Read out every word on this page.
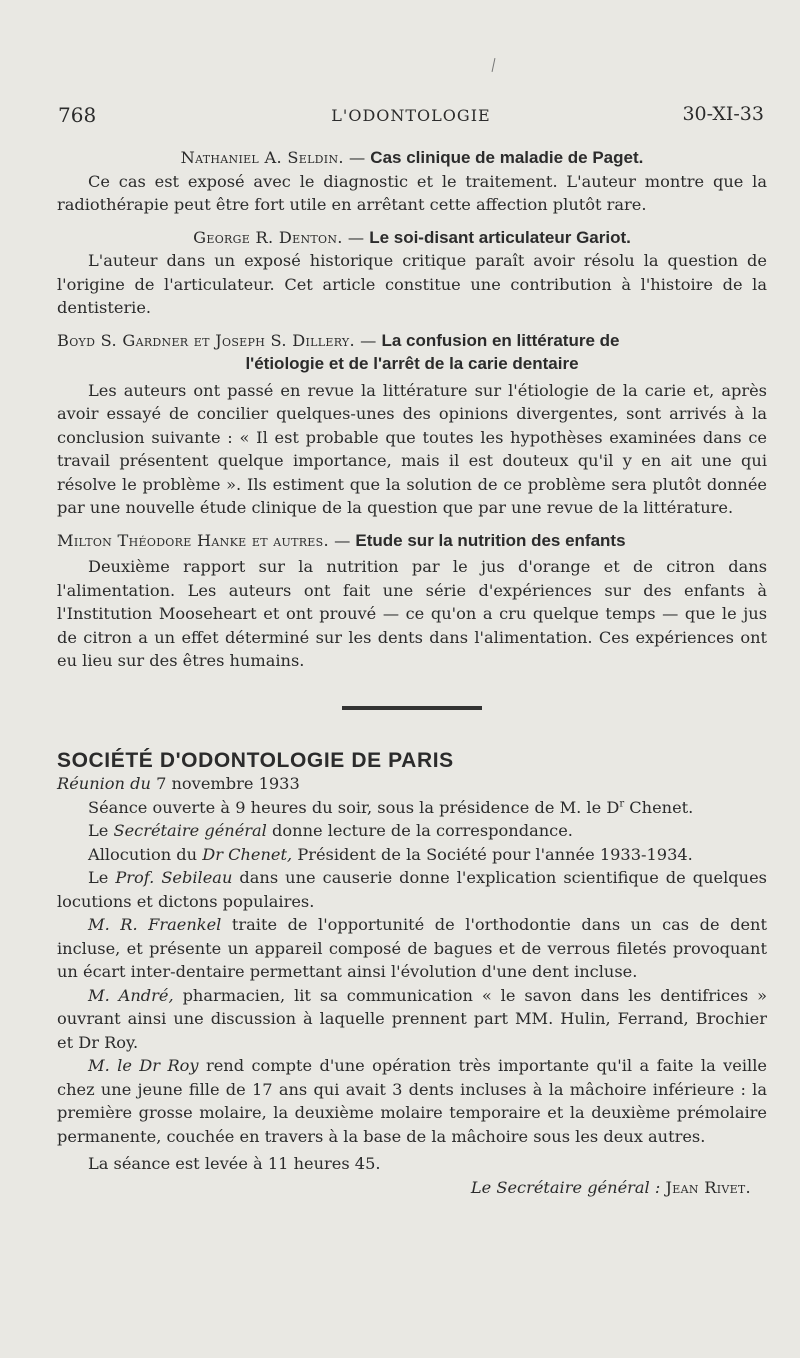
768	L'ODONTOLOGIE	30-XI-33

Nathaniel A. Seldin. — Cas clinique de maladie de Paget.

Ce cas est exposé avec le diagnostic et le traitement. L'auteur montre que la radiothérapie peut être fort utile en arrêtant cette affection plutôt rare.

George R. Denton. — Le soi-disant articulateur Gariot.

L'auteur dans un exposé historique critique paraît avoir résolu la question de l'origine de l'articulateur. Cet article constitue une contribution à l'histoire de la dentisterie.

Boyd S. Gardner et Joseph S. Dillery. — La confusion en littérature de

l'étiologie et de l'arrêt de la carie dentaire

Les auteurs ont passé en revue la littérature sur l'étiologie de la carie et, après avoir essayé de concilier quelques-unes des opinions divergentes, sont arrivés à la conclusion suivante : « Il est probable que toutes les hypothèses examinées dans ce travail présentent quelque importance, mais il est douteux qu'il y en ait une qui résolve le problème ». Ils estiment que la solution de ce problème sera plutôt donnée par une nouvelle étude clinique de la question que par une revue de la littérature.

Milton Théodore Hanke et autres. — Etude sur la nutrition des enfants

Deuxième rapport sur la nutrition par le jus d'orange et de citron dans l'alimentation. Les auteurs ont fait une série d'expériences sur des enfants à l'Institution Mooseheart et ont prouvé — ce qu'on a cru quelque temps — que le jus de citron a un effet déterminé sur les dents dans l'alimentation. Ces expériences ont eu lieu sur des êtres humains.

SOCIÉTÉ D'ODONTOLOGIE DE PARIS

Réunion du 7 novembre 1933

Séance ouverte à 9 heures du soir, sous la présidence de M. le $D^r$ Chenet.

Le Secrétaire général donne lecture de la correspondance.

Allocution du Dr Chenet, Président de la Société pour l'année 1933-1934.

Le Prof. Sebileau dans une causerie donne l'explication scientifique de quelques locutions et dictons populaires.

M. R. Fraenkel traite de l'opportunité de l'orthodontie dans un cas de dent incluse, et présente un appareil composé de bagues et de verrous filetés provoquant un écart inter-dentaire permettant ainsi l'évolution d'une dent incluse.

M. André, pharmacien, lit sa communication « le savon dans les dentifrices » ouvrant ainsi une discussion à laquelle prennent part MM. Hulin, Ferrand, Brochier et Dr Roy.

M. le Dr Roy rend compte d'une opération très importante qu'il a faite la veille chez une jeune fille de 17 ans qui avait 3 dents incluses à la mâchoire inférieure : la première grosse molaire, la deuxième molaire temporaire et la deuxième prémolaire permanente, couchée en travers à la base de la mâchoire sous les deux autres.

La séance est levée à 11 heures 45.

Le Secrétaire général : Jean Rivet.
